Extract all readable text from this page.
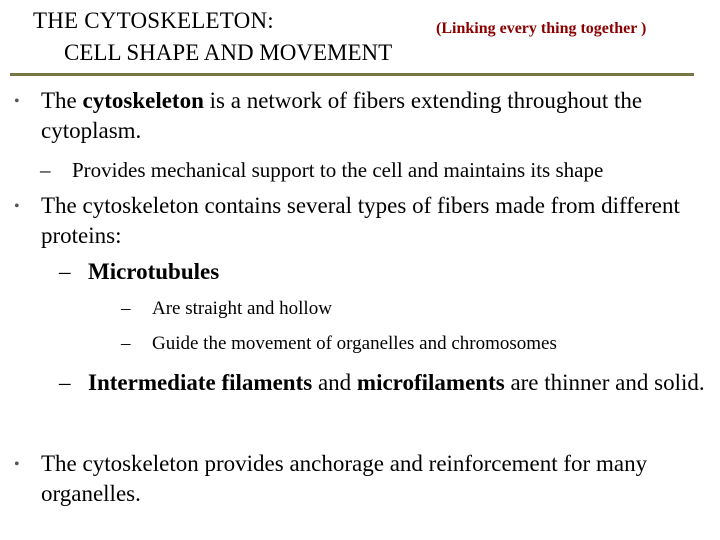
THE CYTOSKELETON:
CELL SHAPE AND MOVEMENT
(Linking every thing together )
• The cytoskeleton is a network of fibers extending throughout the cytoplasm.
– Provides mechanical support to the cell and maintains its shape
• The cytoskeleton contains several types of fibers made from different proteins:
– Microtubules
– Are straight and hollow
– Guide the movement of organelles and chromosomes
– Intermediate filaments and microfilaments are thinner and solid.
• The cytoskeleton provides anchorage and reinforcement for many organelles.
